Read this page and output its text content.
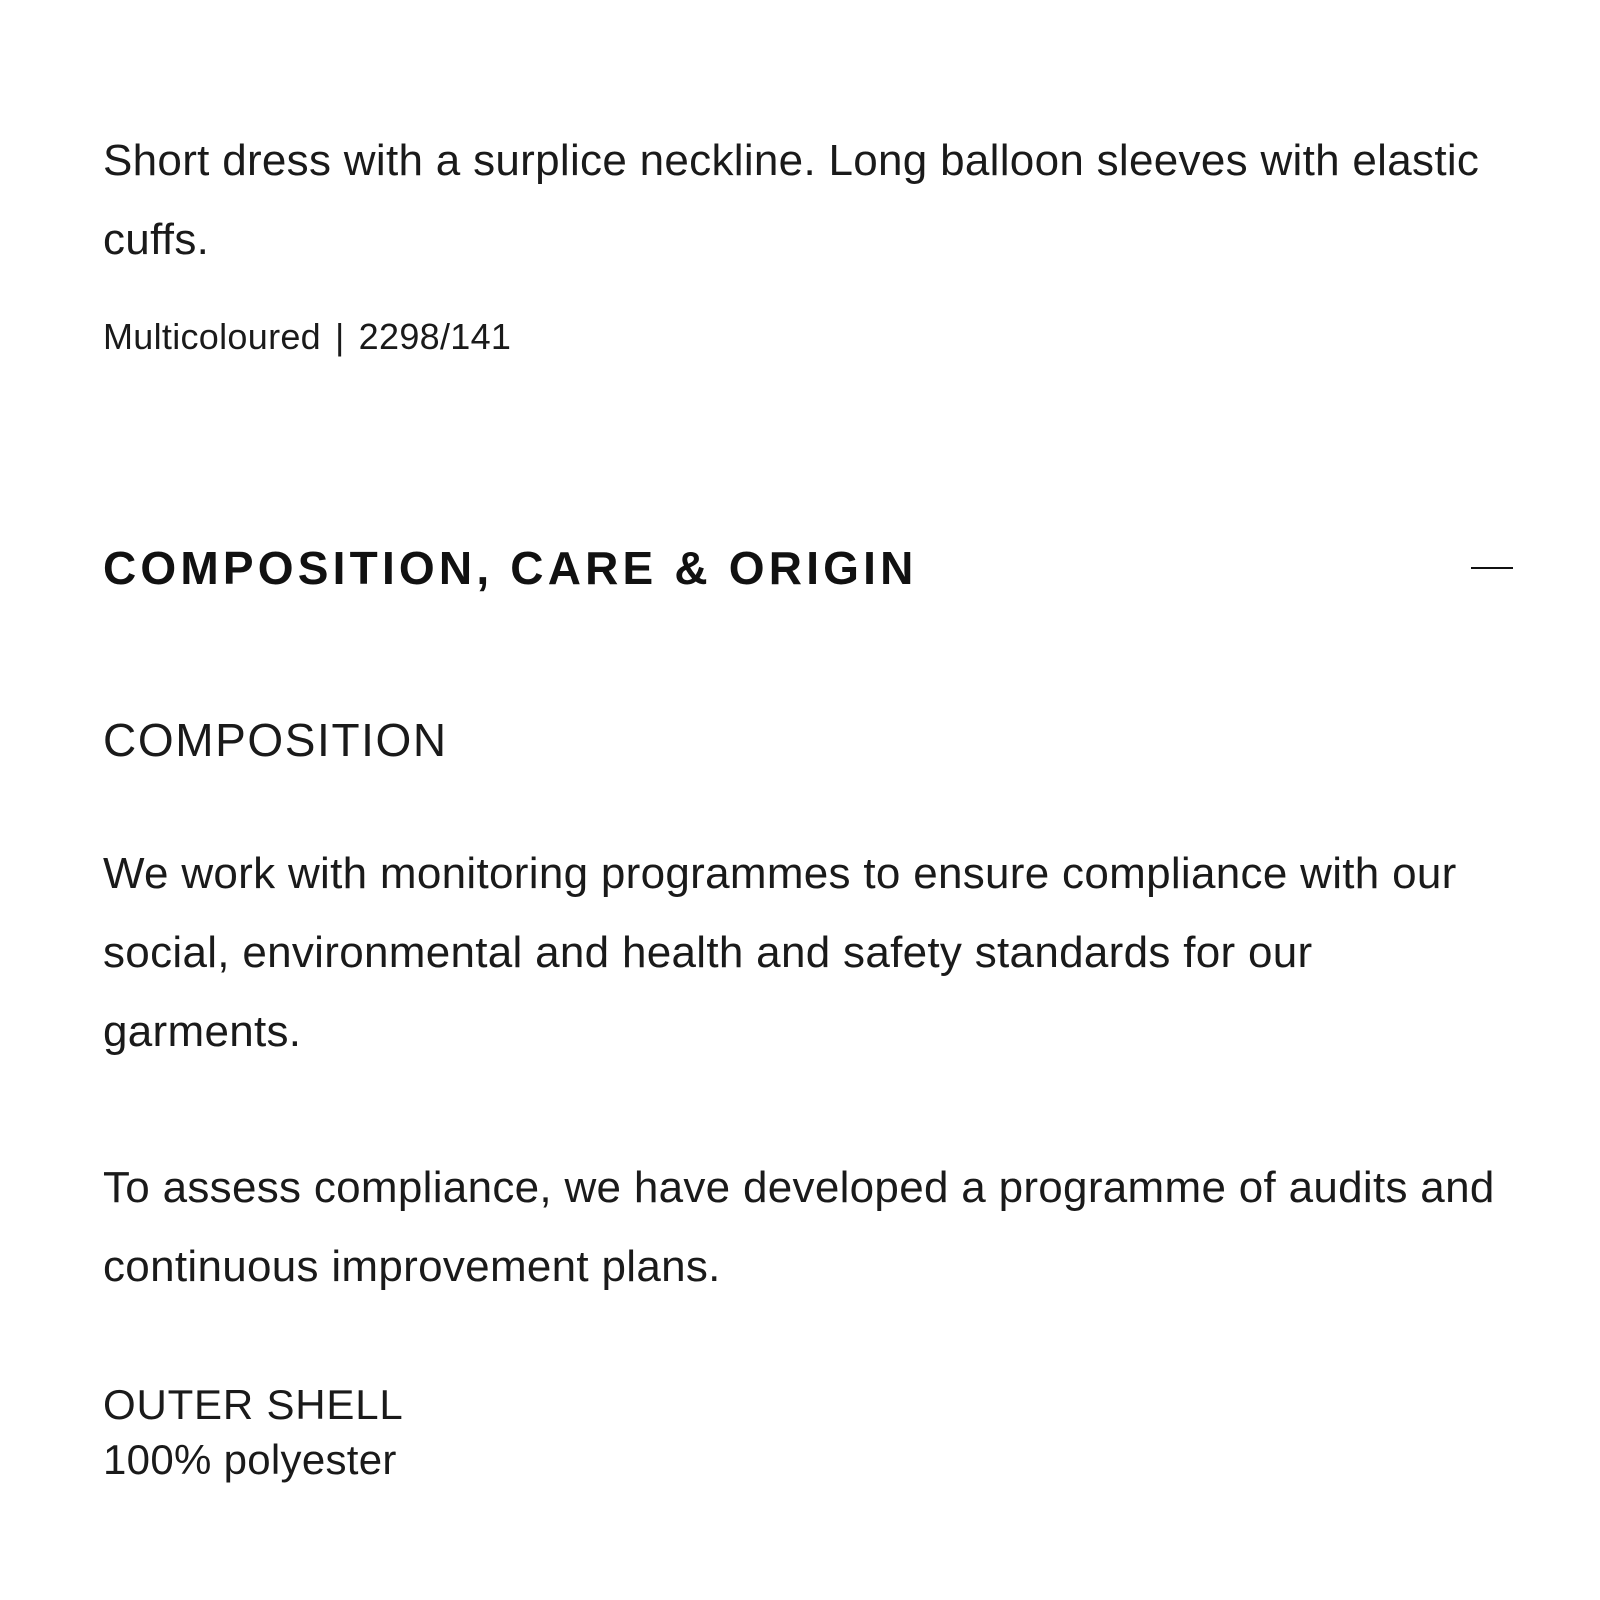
Short dress with a surplice neckline. Long balloon sleeves with elastic cuffs.

Multicoloured | 2298/141
COMPOSITION, CARE & ORIGIN
COMPOSITION

We work with monitoring programmes to ensure compliance with our social, environmental and health and safety standards for our garments.

To assess compliance, we have developed a programme of audits and continuous improvement plans.

OUTER SHELL
100% polyester
